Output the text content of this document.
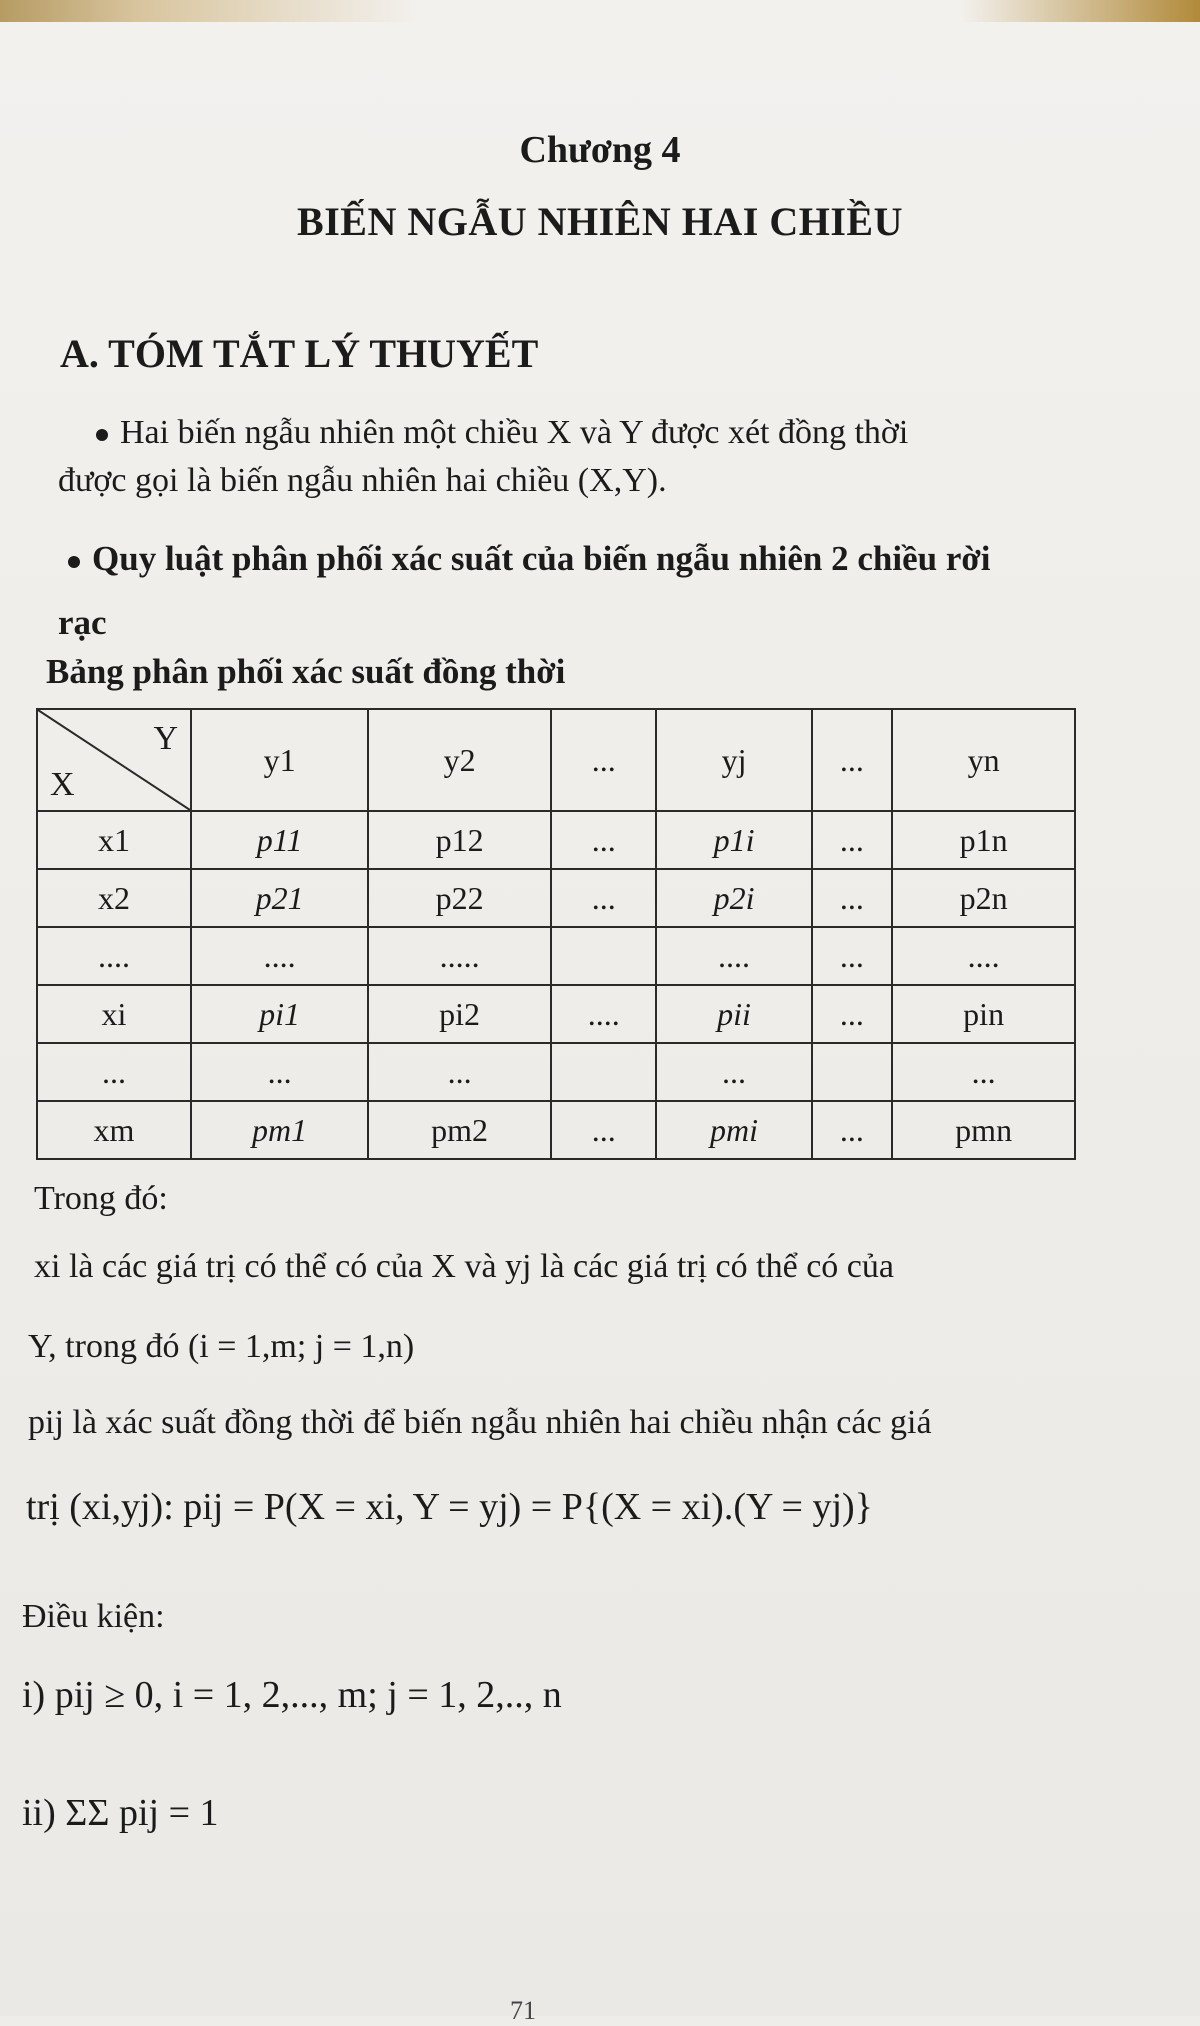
Chương 4
BIẾN NGẪU NHIÊN HAI CHIỀU
A. TÓM TẮT LÝ THUYẾT
Hai biến ngẫu nhiên một chiều X và Y được xét đồng thời
được gọi là biến ngẫu nhiên hai chiều (X,Y).
Quy luật phân phối xác suất của biến ngẫu nhiên 2 chiều rời
rạc
Bảng phân phối xác suất đồng thời
Y
X	y1	y2	...	yj	...	yn
x1	p11	p12	...	p1i	...	p1n
x2	p21	p22	...	p2i	...	p2n
....	....	.....		....	...	....
xi	pi1	pi2	....	pii	...	pin
...	...	...		...		...
xm	pm1	pm2	...	pmi	...	pmn
Trong đó:
xi là các giá trị có thể có của X và yj là các giá trị có thể có của
Y, trong đó (i = 1,m; j = 1,n)
pij là xác suất đồng thời để biến ngẫu nhiên hai chiều nhận các giá
trị (xi,yj): pij = P(X = xi, Y = yj) = P{(X = xi).(Y = yj)}
Điều kiện:
i) pij ≥ 0, i = 1, 2,..., m; j = 1, 2,.., n
ii) ΣΣ pij = 1
71
